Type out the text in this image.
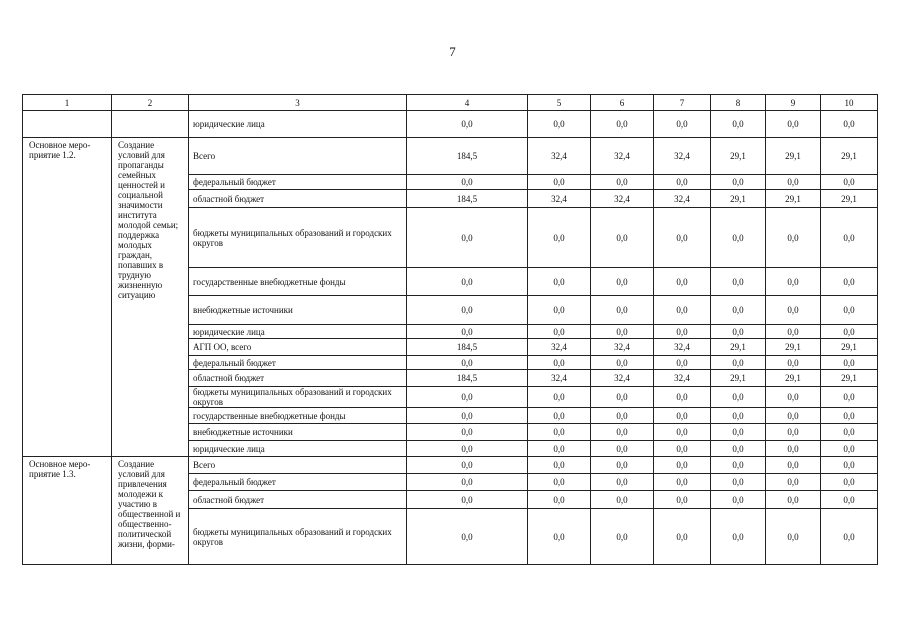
7
1	2	3	4	5	6	7	8	9	10
		юридические лица	0,0	0,0	0,0	0,0	0,0	0,0	0,0
Основное меро-приятие 1.2.	Создание условий для пропаганды семейных ценностей и социальной значимости института молодой семьи; поддержка молодых граждан, попавших в трудную жизненную ситуацию	Всего	184,5	32,4	32,4	32,4	29,1	29,1	29,1
		федеральный бюджет	0,0	0,0	0,0	0,0	0,0	0,0	0,0
		областной бюджет	184,5	32,4	32,4	32,4	29,1	29,1	29,1
		бюджеты муниципальных образований и городских округов	0,0	0,0	0,0	0,0	0,0	0,0	0,0
		государственные внебюджетные фонды	0,0	0,0	0,0	0,0	0,0	0,0	0,0
		внебюджетные источники	0,0	0,0	0,0	0,0	0,0	0,0	0,0
		юридические лица	0,0	0,0	0,0	0,0	0,0	0,0	0,0
		АГП ОО, всего	184,5	32,4	32,4	32,4	29,1	29,1	29,1
		федеральный бюджет	0,0	0,0	0,0	0,0	0,0	0,0	0,0
		областной бюджет	184,5	32,4	32,4	32,4	29,1	29,1	29,1
		бюджеты муниципальных образований и городских округов	0,0	0,0	0,0	0,0	0,0	0,0	0,0
		государственные внебюджетные фонды	0,0	0,0	0,0	0,0	0,0	0,0	0,0
		внебюджетные источники	0,0	0,0	0,0	0,0	0,0	0,0	0,0
		юридические лица	0,0	0,0	0,0	0,0	0,0	0,0	0,0
Основное меро-приятие 1.3.	Создание условий для привлечения молодежи к участию в общественной и общественно-политической жизни, форми-	Всего	0,0	0,0	0,0	0,0	0,0	0,0	0,0
		федеральный бюджет	0,0	0,0	0,0	0,0	0,0	0,0	0,0
		областной бюджет	0,0	0,0	0,0	0,0	0,0	0,0	0,0
		бюджеты муниципальных образований и городских округов	0,0	0,0	0,0	0,0	0,0	0,0	0,0
